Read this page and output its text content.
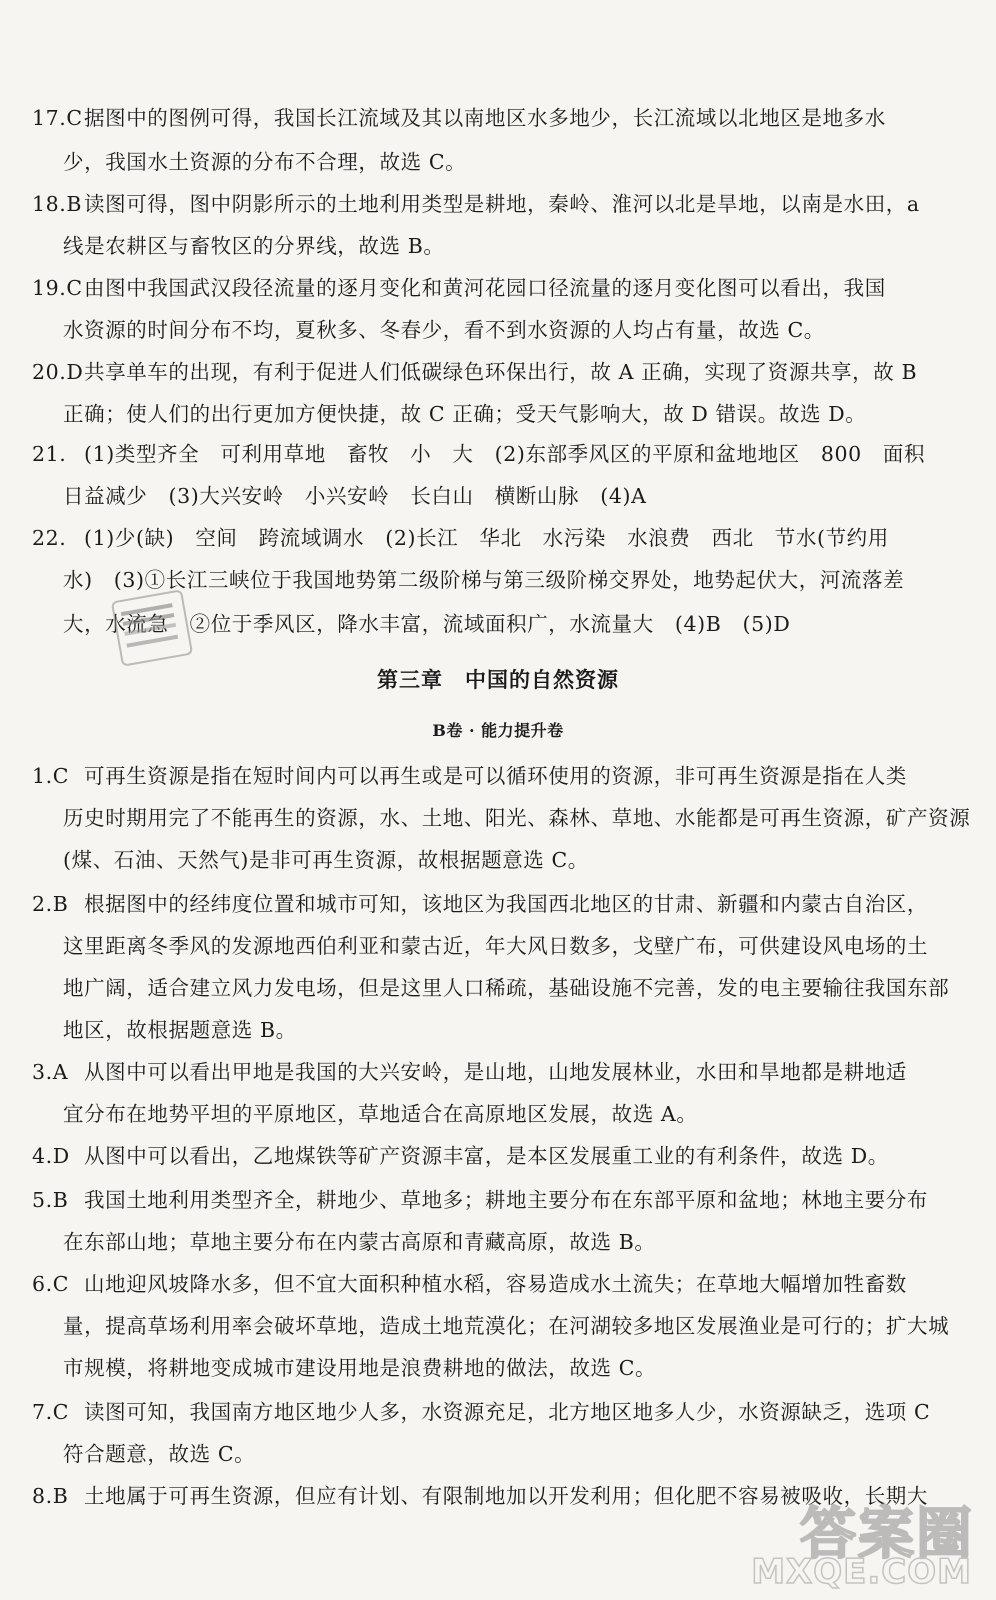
17.C据图中的图例可得，我国长江流域及其以南地区水多地少，长江流域以北地区是地多水
少，我国水土资源的分布不合理，故选 C。
18.B读图可得，图中阴影所示的土地利用类型是耕地，秦岭、淮河以北是旱地，以南是水田，a
线是农耕区与畜牧区的分界线，故选 B。
19.C由图中我国武汉段径流量的逐月变化和黄河花园口径流量的逐月变化图可以看出，我国
水资源的时间分布不均，夏秋多、冬春少，看不到水资源的人均占有量，故选 C。
20.D共享单车的出现，有利于促进人们低碳绿色环保出行，故 A 正确，实现了资源共享，故 B
正确；使人们的出行更加方便快捷，故 C 正确；受天气影响大，故 D 错误。故选 D。
21. (1)类型齐全　可利用草地　畜牧　小　大　(2)东部季风区的平原和盆地地区　800　面积
日益减少　(3)大兴安岭　小兴安岭　长白山　横断山脉　(4)A
22. (1)少(缺)　空间　跨流域调水　(2)长江　华北　水污染　水浪费　西北　节水(节约用
水)　(3)①长江三峡位于我国地势第二级阶梯与第三级阶梯交界处，地势起伏大，河流落差
大，水流急　②位于季风区，降水丰富，流域面积广，水流量大　(4)B　(5)D
第三章　中国的自然资源
B卷 · 能力提升卷
1.C 可再生资源是指在短时间内可以再生或是可以循环使用的资源，非可再生资源是指在人类
历史时期用完了不能再生的资源，水、土地、阳光、森林、草地、水能都是可再生资源，矿产资源
(煤、石油、天然气)是非可再生资源，故根据题意选 C。
2.B 根据图中的经纬度位置和城市可知，该地区为我国西北地区的甘肃、新疆和内蒙古自治区，
这里距离冬季风的发源地西伯利亚和蒙古近，年大风日数多，戈壁广布，可供建设风电场的土
地广阔，适合建立风力发电场，但是这里人口稀疏，基础设施不完善，发的电主要输往我国东部
地区，故根据题意选 B。
3.A 从图中可以看出甲地是我国的大兴安岭，是山地，山地发展林业，水田和旱地都是耕地适
宜分布在地势平坦的平原地区，草地适合在高原地区发展，故选 A。
4.D 从图中可以看出，乙地煤铁等矿产资源丰富，是本区发展重工业的有利条件，故选 D。
5.B 我国土地利用类型齐全，耕地少、草地多；耕地主要分布在东部平原和盆地；林地主要分布
在东部山地；草地主要分布在内蒙古高原和青藏高原，故选 B。
6.C 山地迎风坡降水多，但不宜大面积种植水稻，容易造成水土流失；在草地大幅增加牲畜数
量，提高草场利用率会破坏草地，造成土地荒漠化；在河湖较多地区发展渔业是可行的；扩大城
市规模，将耕地变成城市建设用地是浪费耕地的做法，故选 C。
7.C 读图可知，我国南方地区地少人多，水资源充足，北方地区地多人少，水资源缺乏，选项 C
符合题意，故选 C。
8.B 土地属于可再生资源，但应有计划、有限制地加以开发利用；但化肥不容易被吸收，长期大
答案圈
MXQE.COM
